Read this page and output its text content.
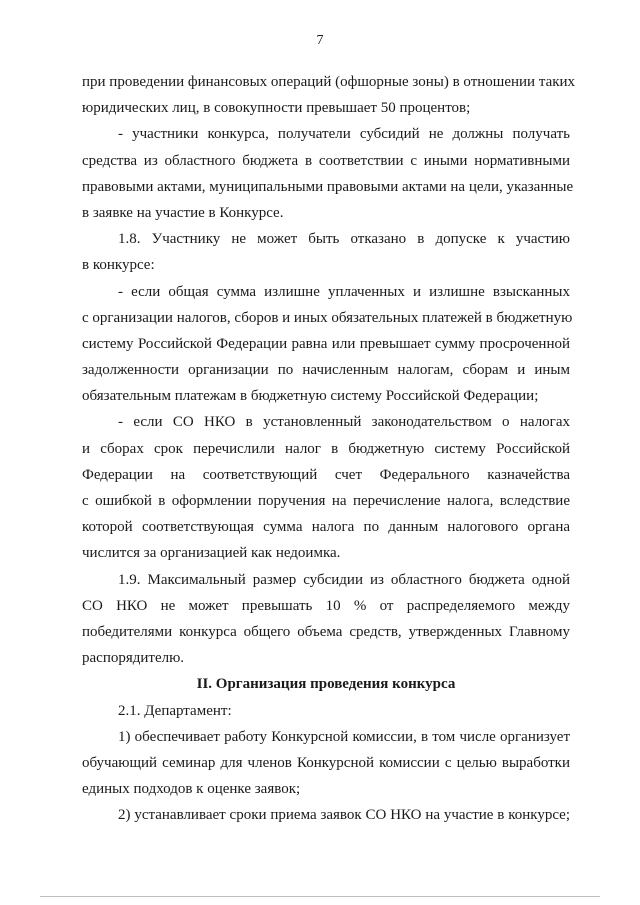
7
при проведении финансовых операций (офшорные зоны) в отношении таких
юридических лиц, в совокупности превышает 50 процентов;
- участники конкурса, получатели субсидий не должны получать
средства из областного бюджета в соответствии с иными нормативными
правовыми актами, муниципальными правовыми актами на цели, указанные
в заявке на участие в Конкурсе.
1.8. Участнику не может быть отказано в допуске к участию
в конкурсе:
- если общая сумма излишне уплаченных и излишне взысканных
с организации налогов, сборов и иных обязательных платежей в бюджетную
систему Российской Федерации равна или превышает сумму просроченной
задолженности организации по начисленным налогам, сборам и иным
обязательным платежам в бюджетную систему Российской Федерации;
- если СО НКО в установленный законодательством о налогах
и сборах срок перечислили налог в бюджетную систему Российской
Федерации на соответствующий счет Федерального казначейства
с ошибкой в оформлении поручения на перечисление налога, вследствие
которой соответствующая сумма налога по данным налогового органа
числится за организацией как недоимка.
1.9. Максимальный размер субсидии из областного бюджета одной
СО НКО не может превышать 10 % от распределяемого между
победителями конкурса общего объема средств, утвержденных Главному
распорядителю.
II. Организация проведения конкурса
2.1. Департамент:
1) обеспечивает работу Конкурсной комиссии, в том числе организует
обучающий семинар для членов Конкурсной комиссии с целью выработки
единых подходов к оценке заявок;
2) устанавливает сроки приема заявок СО НКО на участие в конкурсе;
